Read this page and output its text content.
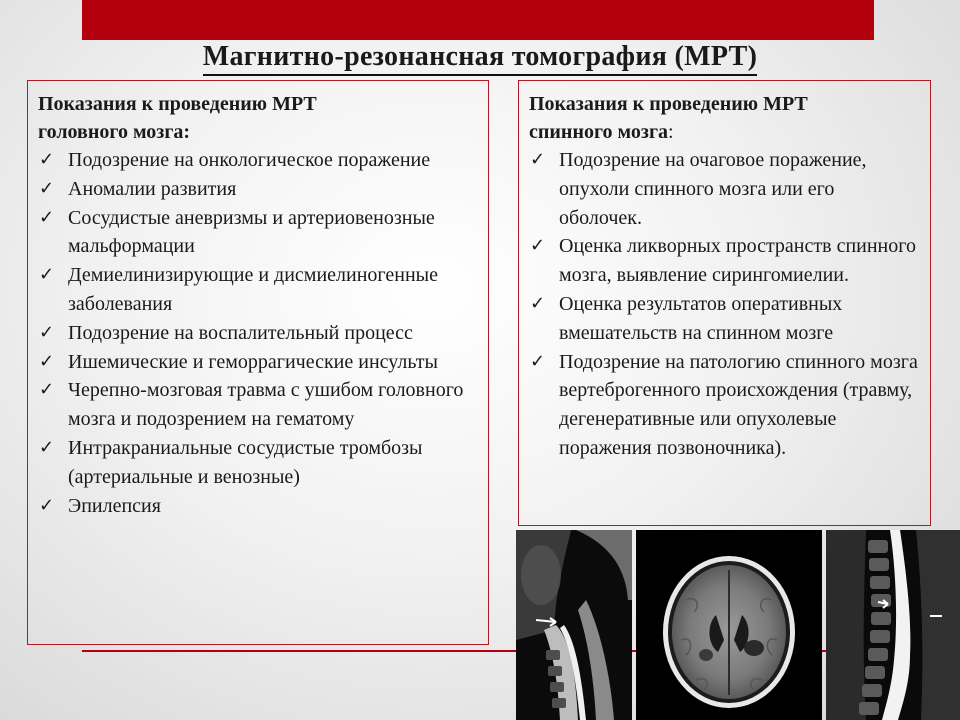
Магнитно-резонансная томография (МРТ)

Показания к проведению МРТ
головного мозга:

✓ Подозрение на онкологическое поражение
✓ Аномалии развития
✓ Сосудистые аневризмы и артериовенозные мальформации
✓ Демиелинизирующие и дисмиелиногенные заболевания
✓ Подозрение на воспалительный процесс
✓ Ишемические и геморрагические инсульты
✓ Черепно-мозговая травма с ушибом головного мозга и подозрением на гематому
✓ Интракраниальные сосудистые тромбозы (артериальные и венозные)
✓ Эпилепсия

Показания к проведению МРТ
спинного мозга:

✓ Подозрение на очаговое поражение, опухоли спинного мозга или его оболочек.
✓ Оценка ликворных пространств спинного мозга, выявление сирингомиелии.
✓ Оценка результатов оперативных вмешательств на спинном мозге
✓ Подозрение на патологию спинного мозга вертеброгенного происхождения (травму, дегенеративные или опухолевые поражения позвоночника).
